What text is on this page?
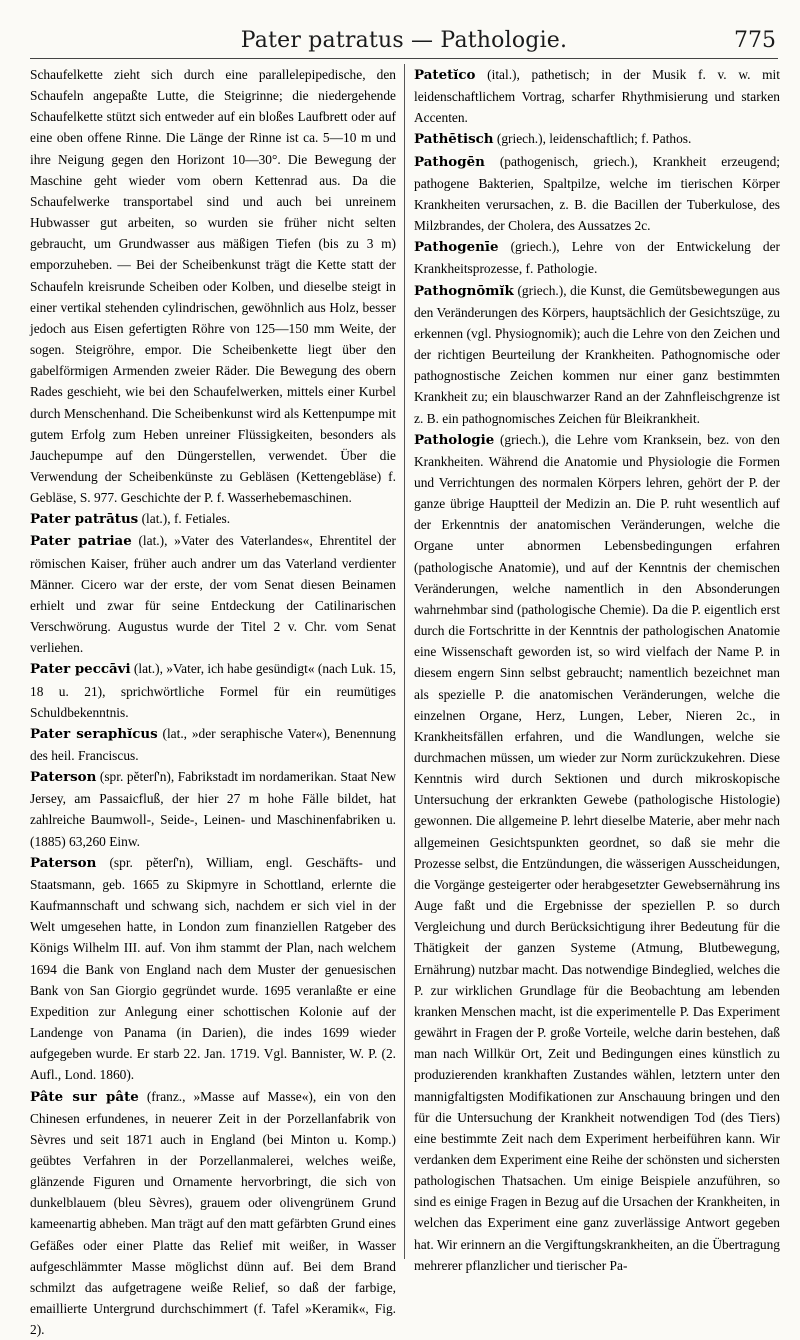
Pater patratus — Pathologie.	775

Schaufelkette zieht sich durch eine parallelepipedische, den Schaufeln angepaßte Lutte, die Steigrinne; die niedergehende Schaufelkette stützt sich entweder auf ein bloßes Laufbrett oder auf eine oben offene Rinne. Die Länge der Rinne ist ca. 5—10 m und ihre Neigung gegen den Horizont 10—30°. Die Bewegung der Maschine geht wieder vom obern Kettenrad aus. Da die Schaufelwerke transportabel sind und auch bei unreinem Hubwasser gut arbeiten, so wurden sie früher nicht selten gebraucht, um Grundwasser aus mäßigen Tiefen (bis zu 3 m) emporzuheben. — Bei der Scheibenkunst trägt die Kette statt der Schaufeln kreisrunde Scheiben oder Kolben, und dieselbe steigt in einer vertikal stehenden cylindrischen, gewöhnlich aus Holz, besser jedoch aus Eisen gefertigten Röhre von 125—150 mm Weite, der sogen. Steigröhre, empor. Die Scheibenkette liegt über den gabelförmigen Armenden zweier Räder. Die Bewegung des obern Rades geschieht, wie bei den Schaufelwerken, mittels einer Kurbel durch Menschenhand. Die Scheibenkunst wird als Kettenpumpe mit gutem Erfolg zum Heben unreiner Flüssigkeiten, besonders als Jauchepumpe auf den Düngerstellen, verwendet. Über die Verwendung der Scheibenkünste zu Gebläsen (Kettengebläse) f. Gebläse, S. 977. Geschichte der P. f. Wasserhebemaschinen.

Pater patrātus (lat.), f. Fetiales.

Pater patriae (lat.), »Vater des Vaterlandes«, Ehrentitel der römischen Kaiser, früher auch andrer um das Vaterland verdienter Männer. Cicero war der erste, der vom Senat diesen Beinamen erhielt und zwar für seine Entdeckung der Catilinarischen Verschwörung. Augustus wurde der Titel 2 v. Chr. vom Senat verliehen.

Pater peccāvi (lat.), »Vater, ich habe gesündigt« (nach Luk. 15, 18 u. 21), sprichwörtliche Formel für ein reumütiges Schuldbekenntnis.

Pater seraphĭcus (lat., »der seraphische Vater«), Benennung des heil. Franciscus.

Paterson (spr. pĕterſ'n), Fabrikstadt im nordamerikan. Staat New Jersey, am Passaicfluß, der hier 27 m hohe Fälle bildet, hat zahlreiche Baumwoll-, Seide-, Leinen- und Maschinenfabriken u. (1885) 63,260 Einw.

Paterson (spr. pĕterſ'n), William, engl. Geschäfts- und Staatsmann, geb. 1665 zu Skipmyre in Schottland, erlernte die Kaufmannschaft und schwang sich, nachdem er sich viel in der Welt umgesehen hatte, in London zum finanziellen Ratgeber des Königs Wilhelm III. auf. Von ihm stammt der Plan, nach welchem 1694 die Bank von England nach dem Muster der genuesischen Bank von San Giorgio gegründet wurde. 1695 veranlaßte er eine Expedition zur Anlegung einer schottischen Kolonie auf der Landenge von Panama (in Darien), die indes 1699 wieder aufgegeben wurde. Er starb 22. Jan. 1719. Vgl. Bannister, W. P. (2. Aufl., Lond. 1860).

Pâte sur pâte (franz., »Masse auf Masse«), ein von den Chinesen erfundenes, in neuerer Zeit in der Porzellanfabrik von Sèvres und seit 1871 auch in England (bei Minton u. Komp.) geübtes Verfahren in der Porzellanmalerei, welches weiße, glänzende Figuren und Ornamente hervorbringt, die sich von dunkelblauem (bleu Sèvres), grauem oder olivengrünem Grund kameenartig abheben. Man trägt auf den matt gefärbten Grund eines Gefäßes oder einer Platte das Relief mit weißer, in Wasser aufgeschlämmter Masse möglichst dünn auf. Bei dem Brand schmilzt das aufgetragene weiße Relief, so daß der farbige, emaillierte Untergrund durchschimmert (f. Tafel »Keramik«, Fig. 2).

Patetĭco (ital.), pathetisch; in der Musik f. v. w. mit leidenschaftlichem Vortrag, scharfer Rhythmisierung und starken Accenten.

Pathētisch (griech.), leidenschaftlich; f. Pathos.

Pathogēn (pathogenisch, griech.), Krankheit erzeugend; pathogene Bakterien, Spaltpilze, welche im tierischen Körper Krankheiten verursachen, z. B. die Bacillen der Tuberkulose, des Milzbrandes, der Cholera, des Aussatzes 2c.

Pathogenīe (griech.), Lehre von der Entwickelung der Krankheitsprozesse, f. Pathologie.

Pathognōmĭk (griech.), die Kunst, die Gemütsbewegungen aus den Veränderungen des Körpers, hauptsächlich der Gesichtszüge, zu erkennen (vgl. Physiognomik); auch die Lehre von den Zeichen und der richtigen Beurteilung der Krankheiten. Pathognomische oder pathognostische Zeichen kommen nur einer ganz bestimmten Krankheit zu; ein blauschwarzer Rand an der Zahnfleischgrenze ist z. B. ein pathognomisches Zeichen für Bleikrankheit.

Pathologie (griech.), die Lehre vom Kranksein, bez. von den Krankheiten. Während die Anatomie und Physiologie die Formen und Verrichtungen des normalen Körpers lehren, gehört der P. der ganze übrige Hauptteil der Medizin an. Die P. ruht wesentlich auf der Erkenntnis der anatomischen Veränderungen, welche die Organe unter abnormen Lebensbedingungen erfahren (pathologische Anatomie), und auf der Kenntnis der chemischen Veränderungen, welche namentlich in den Absonderungen wahrnehmbar sind (pathologische Chemie). Da die P. eigentlich erst durch die Fortschritte in der Kenntnis der pathologischen Anatomie eine Wissenschaft geworden ist, so wird vielfach der Name P. in diesem engern Sinn selbst gebraucht; namentlich bezeichnet man als spezielle P. die anatomischen Veränderungen, welche die einzelnen Organe, Herz, Lungen, Leber, Nieren 2c., in Krankheitsfällen erfahren, und die Wandlungen, welche sie durchmachen müssen, um wieder zur Norm zurückzukehren. Diese Kenntnis wird durch Sektionen und durch mikroskopische Untersuchung der erkrankten Gewebe (pathologische Histologie) gewonnen. Die allgemeine P. lehrt dieselbe Materie, aber mehr nach allgemeinen Gesichtspunkten geordnet, so daß sie mehr die Prozesse selbst, die Entzündungen, die wässerigen Ausscheidungen, die Vorgänge gesteigerter oder herabgesetzter Gewebsernährung ins Auge faßt und die Ergebnisse der speziellen P. so durch Vergleichung und durch Berücksichtigung ihrer Bedeutung für die Thätigkeit der ganzen Systeme (Atmung, Blutbewegung, Ernährung) nutzbar macht. Das notwendige Bindeglied, welches die P. zur wirklichen Grundlage für die Beobachtung am lebenden kranken Menschen macht, ist die experimentelle P. Das Experiment gewährt in Fragen der P. große Vorteile, welche darin bestehen, daß man nach Willkür Ort, Zeit und Bedingungen eines künstlich zu produzierenden krankhaften Zustandes wählen, letztern unter den mannigfaltigsten Modifikationen zur Anschauung bringen und den für die Untersuchung der Krankheit notwendigen Tod (des Tiers) eine bestimmte Zeit nach dem Experiment herbeiführen kann. Wir verdanken dem Experiment eine Reihe der schönsten und sichersten pathologischen Thatsachen. Um einige Beispiele anzuführen, so sind es einige Fragen in Bezug auf die Ursachen der Krankheiten, in welchen das Experiment eine ganz zuverlässige Antwort gegeben hat. Wir erinnern an die Vergiftungskrankheiten, an die Übertragung mehrerer pflanzlicher und tierischer Pa-
